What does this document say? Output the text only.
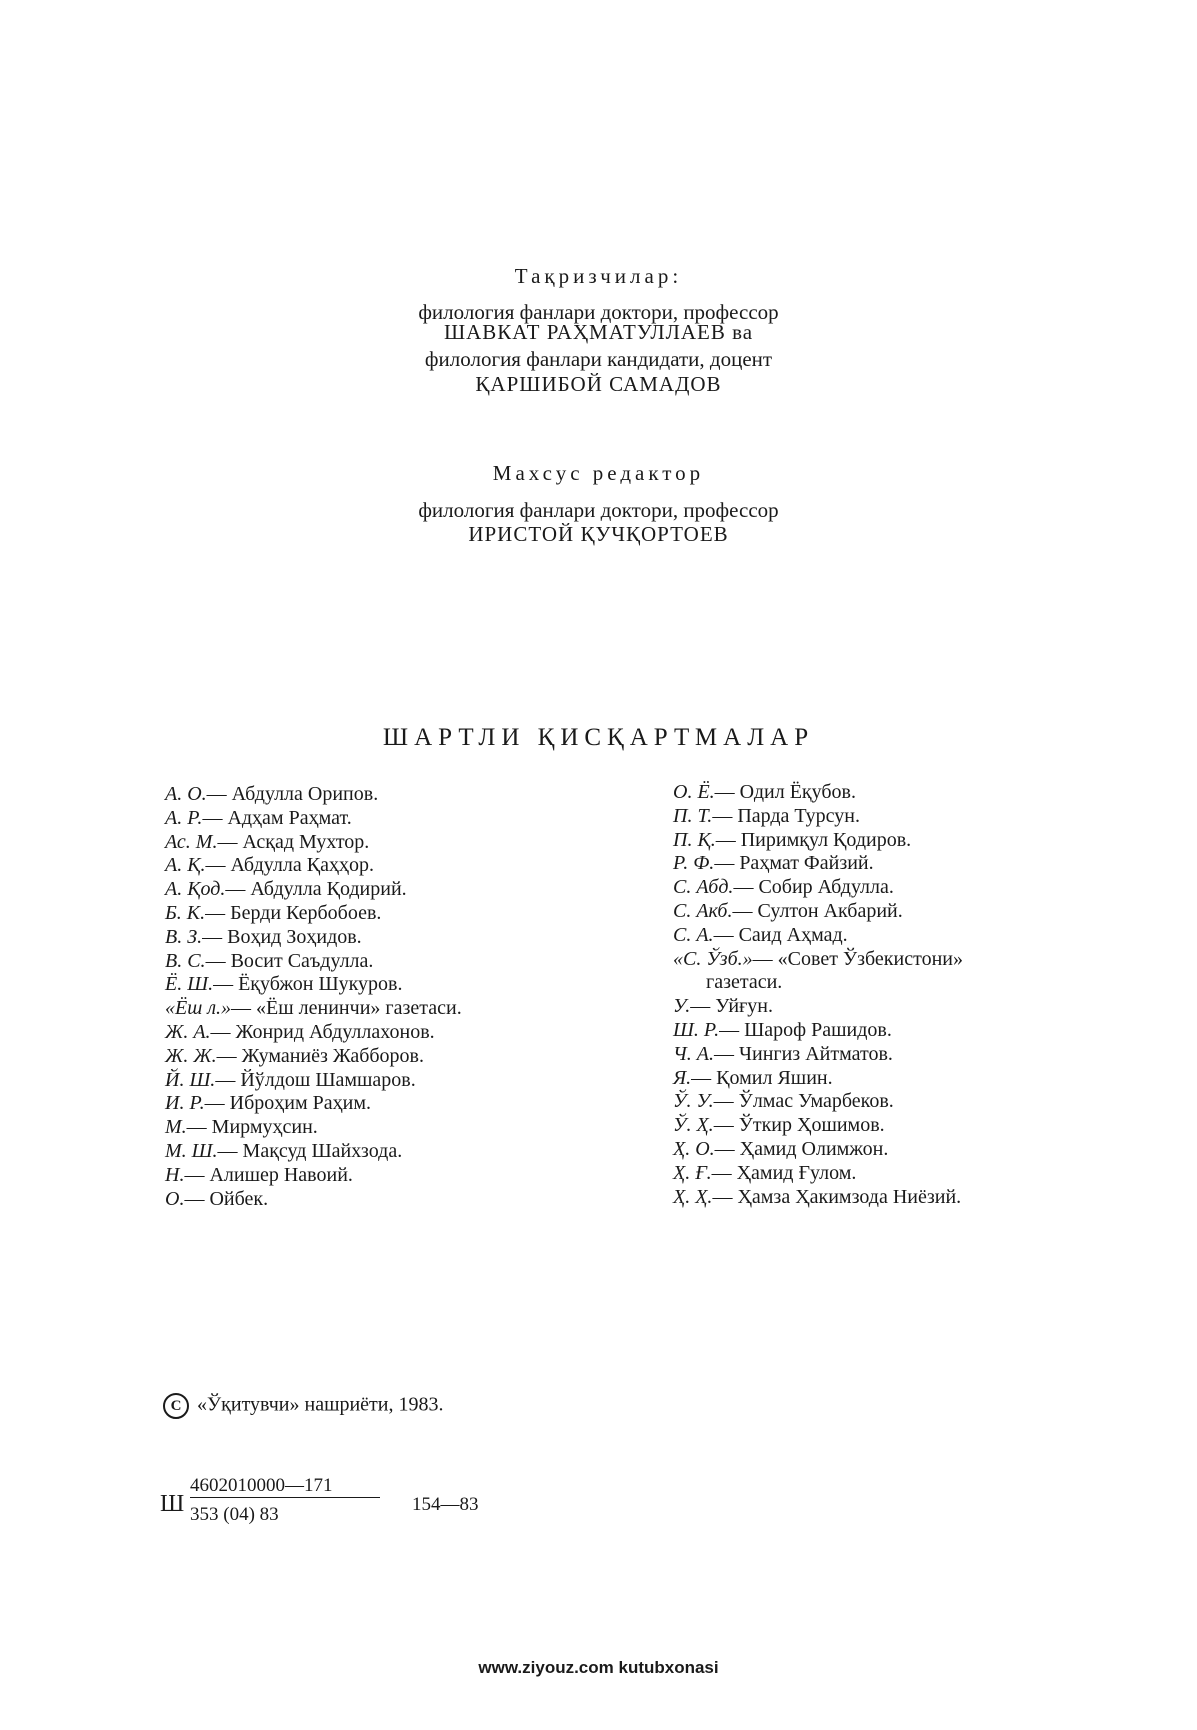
Тақризчилар:
филология фанлари доктори, профессор
ШАВКАТ РАҲМАТУЛЛАЕВ ва
филология фанлари кандидати, доцент
ҚАРШИБОЙ САМАДОВ
Махсус редактор
филология фанлари доктори, профессор
ИРИСТОЙ ҚУЧҚОРТОЕВ
ШАРТЛИ ҚИСҚАРТМАЛАР
А. О.— Абдулла Орипов.
А. Р.— Адҳам Раҳмат.
Ас. М.— Асқад Мухтор.
А. Қ.— Абдулла Қаҳҳор.
А. Қод.— Абдулла Қодирий.
Б. К.— Берди Кербобоев.
В. З.— Воҳид Зоҳидов.
В. С.— Восит Саъдулла.
Ё. Ш.— Ёқубжон Шукуров.
«Ёш л.»— «Ёш ленинчи» газетаси.
Ж. А.— Жонрид Абдуллахонов.
Ж. Ж.— Жуманиёз Жабборов.
Й. Ш.— Йўлдош Шамшаров.
И. Р.— Иброҳим Раҳим.
М.— Мирмуҳсин.
М. Ш.— Мақсуд Шайхзода.
Н.— Алишер Навоий.
О.— Ойбек.
О. Ё.— Одил Ёқубов.
П. Т.— Парда Турсун.
П. Қ.— Пиримқул Қодиров.
Р. Ф.— Раҳмат Файзий.
С. Абд.— Собир Абдулла.
С. Акб.— Султон Акбарий.
С. А.— Саид Аҳмад.
«С. Ўзб.»— «Совет Ўзбекистони»
газетаси.
У.— Уйғун.
Ш. Р.— Шароф Рашидов.
Ч. А.— Чингиз Айтматов.
Я.— Қомил Яшин.
Ў. У.— Ўлмас Умарбеков.
Ў. Ҳ.— Ўткир Ҳошимов.
Ҳ. О.— Ҳамид Олимжон.
Ҳ. Ғ.— Ҳамид Ғулом.
Ҳ. Ҳ.— Ҳамза Ҳакимзода Ниёзий.
C «Ўқитувчи» нашриёти, 1983.
Ш
4602010000—171
353 (04) 83	154—83
www.ziyouz.com kutubxonasi
